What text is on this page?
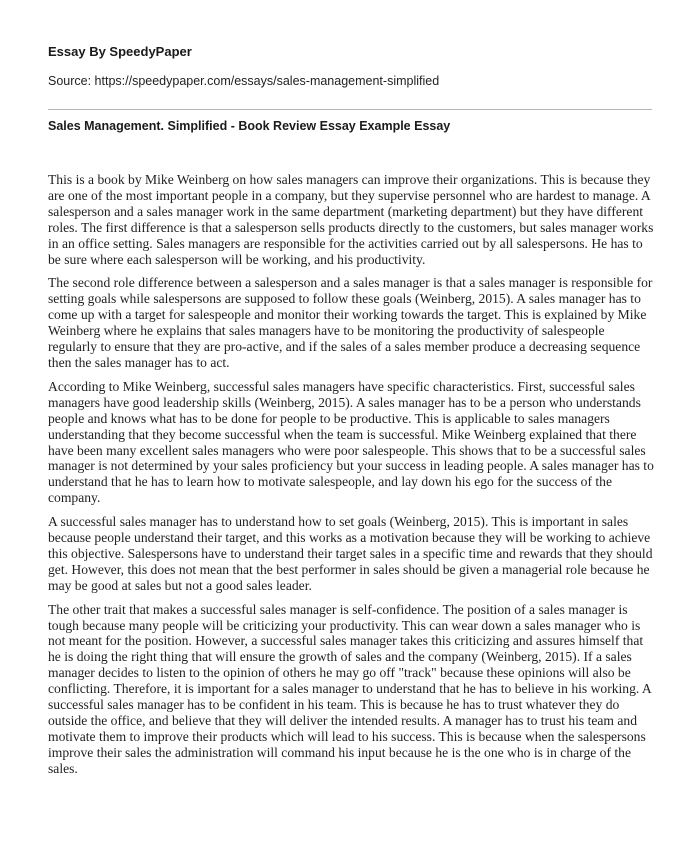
Essay By SpeedyPaper
Source: https://speedypaper.com/essays/sales-management-simplified
Sales Management. Simplified - Book Review Essay Example Essay

This is a book by Mike Weinberg on how sales managers can improve their organizations. This is because they are one of the most important people in a company, but they supervise personnel who are hardest to manage. A salesperson and a sales manager work in the same department (marketing department) but they have different roles. The first difference is that a salesperson sells products directly to the customers, but sales manager works in an office setting. Sales managers are responsible for the activities carried out by all salespersons. He has to be sure where each salesperson will be working, and his productivity.

The second role difference between a salesperson and a sales manager is that a sales manager is responsible for setting goals while salespersons are supposed to follow these goals (Weinberg, 2015). A sales manager has to come up with a target for salespeople and monitor their working towards the target. This is explained by Mike Weinberg where he explains that sales managers have to be monitoring the productivity of salespeople regularly to ensure that they are pro-active, and if the sales of a sales member produce a decreasing sequence then the sales manager has to act.

According to Mike Weinberg, successful sales managers have specific characteristics. First, successful sales managers have good leadership skills (Weinberg, 2015). A sales manager has to be a person who understands people and knows what has to be done for people to be productive. This is applicable to sales managers understanding that they become successful when the team is successful. Mike Weinberg explained that there have been many excellent sales managers who were poor salespeople. This shows that to be a successful sales manager is not determined by your sales proficiency but your success in leading people. A sales manager has to understand that he has to learn how to motivate salespeople, and lay down his ego for the success of the company.

A successful sales manager has to understand how to set goals (Weinberg, 2015). This is important in sales because people understand their target, and this works as a motivation because they will be working to achieve this objective. Salespersons have to understand their target sales in a specific time and rewards that they should get. However, this does not mean that the best performer in sales should be given a managerial role because he may be good at sales but not a good sales leader.

The other trait that makes a successful sales manager is self-confidence. The position of a sales manager is tough because many people will be criticizing your productivity. This can wear down a sales manager who is not meant for the position. However, a successful sales manager takes this criticizing and assures himself that he is doing the right thing that will ensure the growth of sales and the company (Weinberg, 2015). If a sales manager decides to listen to the opinion of others he may go off "track" because these opinions will also be conflicting. Therefore, it is important for a sales manager to understand that he has to believe in his working. A successful sales manager has to be confident in his team. This is because he has to trust whatever they do outside the office, and believe that they will deliver the intended results. A manager has to trust his team and motivate them to improve their products which will lead to his success. This is because when the salespersons improve their sales the administration will command his input because he is the one who is in charge of the sales.
